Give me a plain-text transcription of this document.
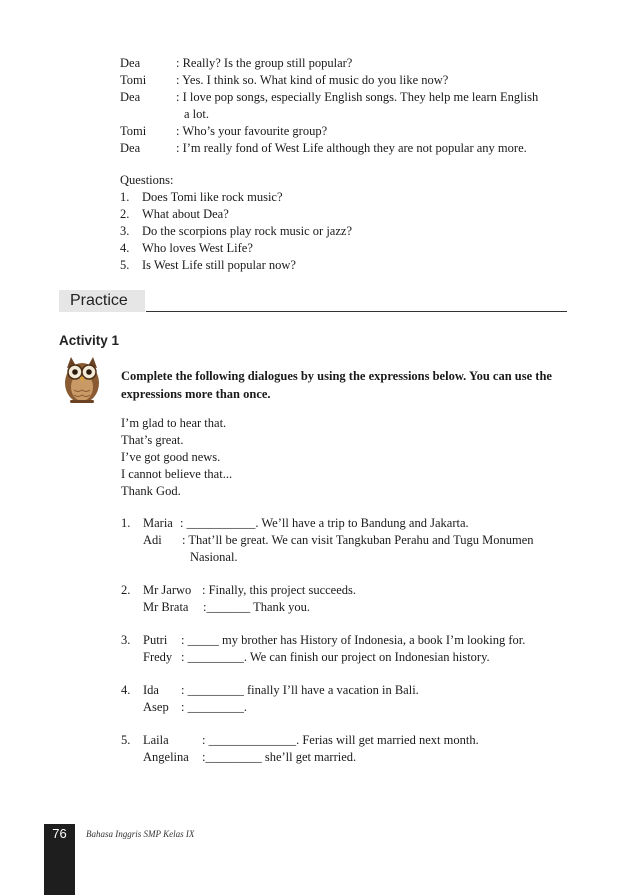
Dea	: Really? Is the group still popular?
Tomi : Yes. I think so. What kind of music do you like now?
Dea	: I love pop songs, especially English songs. They help me learn English
a lot.
Tomi : Who’s your favourite group?
Dea	: I’m really fond of West Life although they are not popular any more.
Questions:
1. Does Tomi like rock music?
2. What about Dea?
3. Do the scorpions play rock music or jazz?
4. Who loves West Life?
5. Is West Life still popular now?
Practice
Activity 1
Complete the following dialogues by using the expressions below. You can use the expressions more than once.
I’m glad to hear that.
That’s great.
I’ve got good news.
I cannot believe that...
Thank God.
1. Maria : ___________. We’ll have a trip to Bandung and Jakarta.
Adi : That’ll be great. We can visit Tangkuban Perahu and Tugu Monumen
Nasional.
2. Mr Jarwo : Finally, this project succeeds.
Mr Brata :_______ Thank you.
3. Putri : _____ my brother has History of Indonesia, a book I’m looking for.
Fredy : _________. We can finish our project on Indonesian history.
4. Ida : _________ finally I’ll have a vacation in Bali.
Asep : _________.
5. Laila	: ______________. Ferias will get married next month.
Angelina :_________ she’ll get married.
76	Bahasa Inggris SMP Kelas IX
